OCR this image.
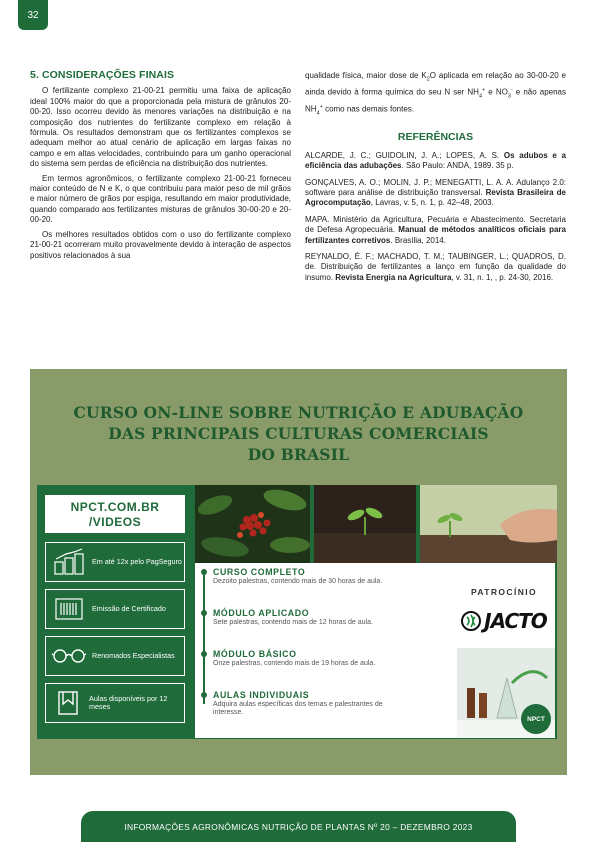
32
5. CONSIDERAÇÕES FINAIS

O fertilizante complexo 21-00-21 permitiu uma faixa de aplicação ideal 100% maior do que a proporcionada pela mistura de grânulos 20-00-20. Isso ocorreu devido às menores variações na distribuição e na composição dos nutrientes do fertilizante complexo em relação à fórmula. Os resultados demonstram que os fertilizantes complexos se adequam melhor ao atual cenário de aplicação em largas faixas no campo e em altas velocidades, contribuindo para um ganho operacional do sistema sem perdas de eficiência na distribuição dos nutrientes.

Em termos agronômicos, o fertilizante complexo 21-00-21 forneceu maior conteúdo de N e K, o que contribuiu para maior peso de mil grãos e maior número de grãos por espiga, resultando em maior produtividade, quando comparado aos fertilizantes misturas de grânulos 30-00-20 e 20-00-20.

Os melhores resultados obtidos com o uso do fertilizante complexo 21-00-21 ocorreram muito provavelmente devido à interação de aspectos positivos relacionados à sua

qualidade física, maior dose de $K_2O$ aplicada em relação ao 30-00-20 e ainda devido à forma química do seu N ser $NH_4^+$ e $NO_3^-$ e não apenas $NH_4^+$ como nas demais fontes.

REFERÊNCIAS

ALCARDE, J. C.; GUIDOLIN, J. A.; LOPES, A. S. Os adubos e a eficiência das adubações. São Paulo: ANDA, 1989. 35 p.

GONÇALVES, A. O.; MOLIN, J. P.; MENEGATTI, L. A. A. Adulanço 2.0: software para análise de distribuição transversal. Revista Brasileira de Agrocomputação, Lavras, v. 5, n. 1, p. 42–48, 2003.

MAPA. Ministério da Agricultura, Pecuária e Abastecimento. Secretaria de Defesa Agropecuária. Manual de métodos analíticos oficiais para fertilizantes corretivos. Brasília, 2014.

REYNALDO, É. F.; MACHADO, T. M.; TAUBINGER, L.; QUADROS, D. de. Distribuição de fertilizantes a lanço em função da qualidade do insumo. Revista Energia na Agricultura, v. 31, n. 1, , p. 24-30, 2016.

CURSO ON-LINE SOBRE NUTRIÇÃO E ADUBAÇÃO
DAS PRINCIPAIS CULTURAS COMERCIAIS
DO BRASIL
NPCT.COM.BR
/VIDEOS
Em até 12x pelo PagSeguro
Emissão de Certificado
Renomados Especialistas
Aulas disponíveis por 12 meses
CURSO COMPLETO
Dezoito palestras, contendo mais de 30 horas de aula.
MÓDULO APLICADO
Sete palestras, contendo mais de 12 horas de aula.
MÓDULO BÁSICO
Onze palestras, contendo mais de 19 horas de aula.
AULAS INDIVIDUAIS
Adquira aulas específicas dos temas e palestrantes de interesse.
PATROCÍNIO
JACTO
NPCT
INFORMAÇÕES AGRONÔMICAS NUTRIÇÃO DE PLANTAS Nº 20 – DEZEMBRO 2023
